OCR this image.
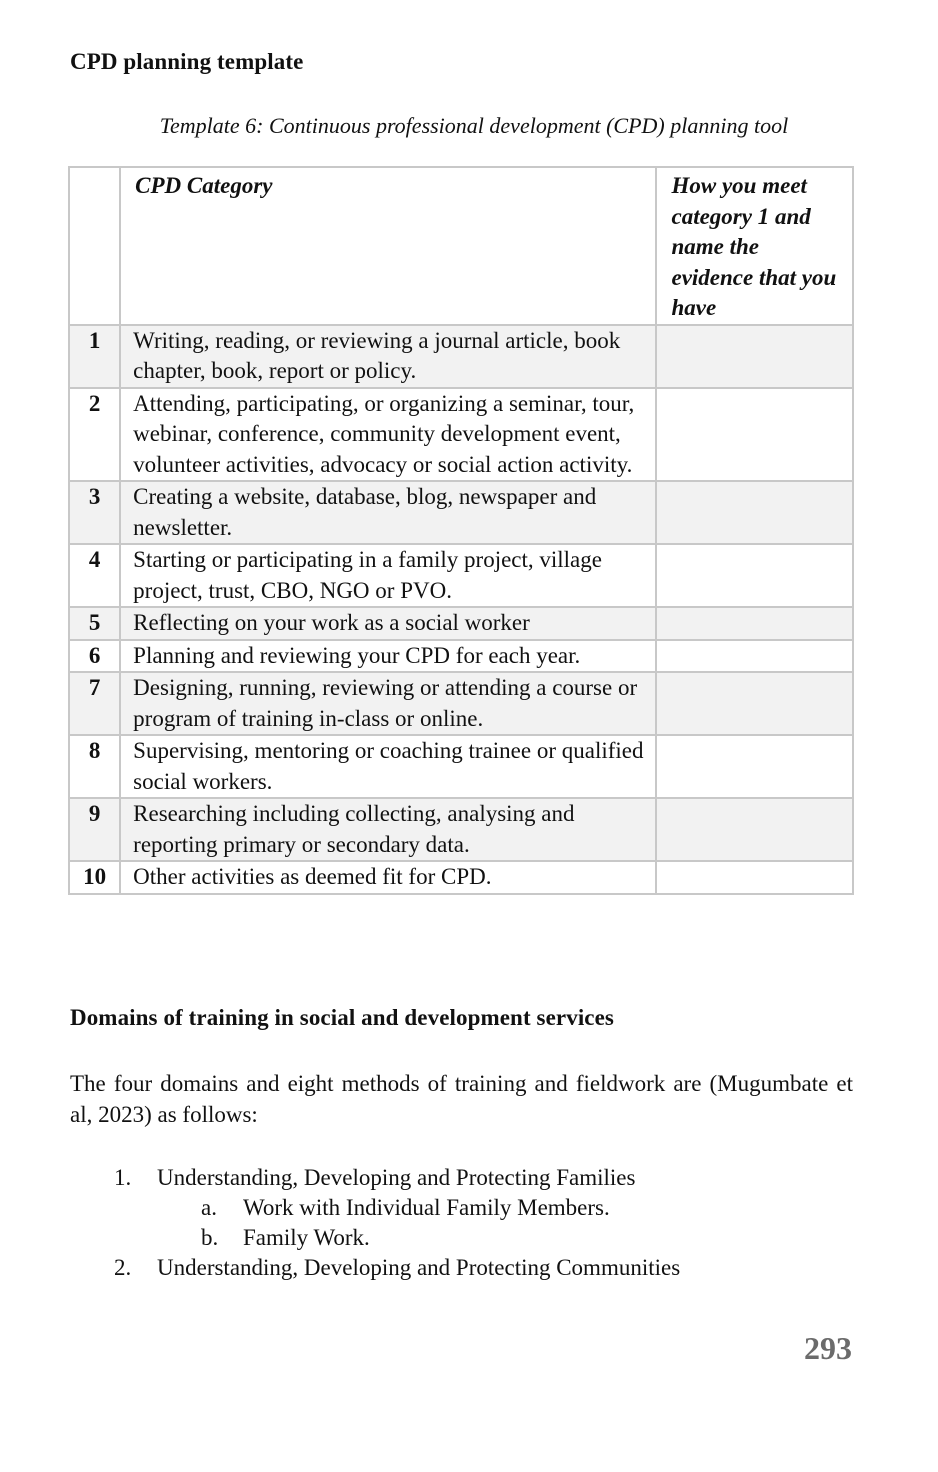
CPD planning template

Template 6: Continuous professional development (CPD) planning tool

	CPD Category	How you meet category 1 and name the evidence that you have
1	Writing, reading, or reviewing a journal article, book chapter, book, report or policy.	
2	Attending, participating, or organizing a seminar, tour, webinar, conference, community development event, volunteer activities, advocacy or social action activity.	
3	Creating a website, database, blog, newspaper and newsletter.	
4	Starting or participating in a family project, village project, trust, CBO, NGO or PVO.	
5	Reflecting on your work as a social worker	
6	Planning and reviewing your CPD for each year.	
7	Designing, running, reviewing or attending a course or program of training in-class or online.	
8	Supervising, mentoring or coaching trainee or qualified social workers.	
9	Researching including collecting, analysing and reporting primary or secondary data.	
10	Other activities as deemed fit for CPD.	
Domains of training in social and development services

The four domains and eight methods of training and fieldwork are (Mugumbate et al, 2023) as follows:

1. Understanding, Developing and Protecting Families
a. Work with Individual Family Members.
b. Family Work.
2. Understanding, Developing and Protecting Communities

293
